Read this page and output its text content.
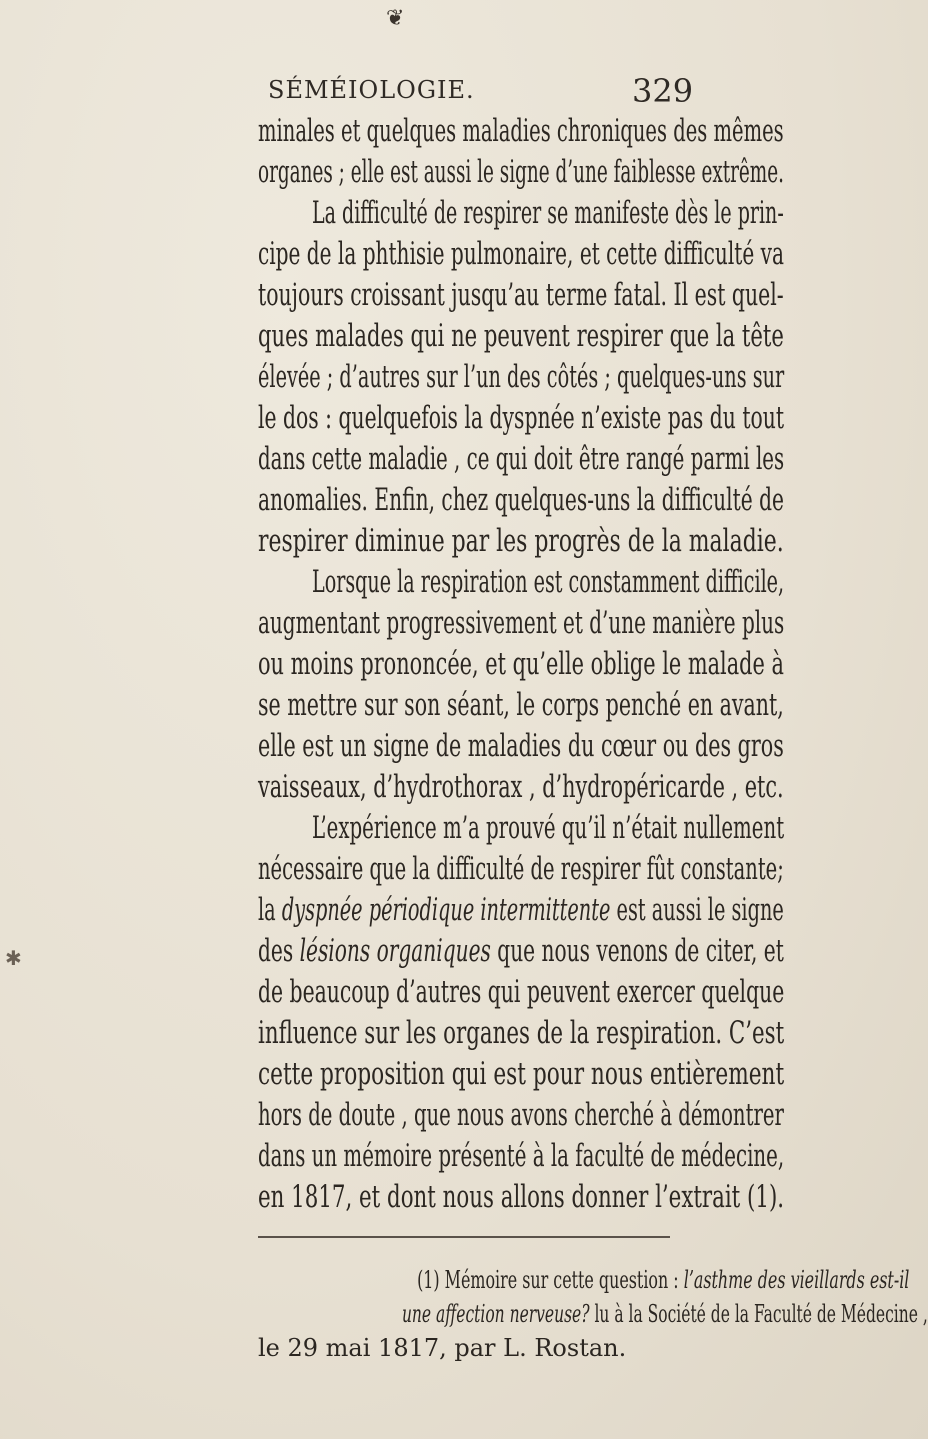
❦
SÉMÉIOLOGIE.	329
✱
minales et quelques maladies chroniques des mêmes
organes ; elle est aussi le signe d’une faiblesse extrême.
La difficulté de respirer se manifeste dès le prin-
cipe de la phthisie pulmonaire, et cette difficulté va
toujours croissant jusqu’au terme fatal. Il est quel-
ques malades qui ne peuvent respirer que la tête
élevée ; d’autres sur l’un des côtés ; quelques-uns sur
le dos : quelquefois la dyspnée n’existe pas du tout
dans cette maladie , ce qui doit être rangé parmi les
anomalies. Enfin, chez quelques-uns la difficulté de
respirer diminue par les progrès de la maladie.
Lorsque la respiration est constamment difficile,
augmentant progressivement et d’une manière plus
ou moins prononcée, et qu’elle oblige le malade à
se mettre sur son séant, le corps penché en avant,
elle est un signe de maladies du cœur ou des gros
vaisseaux, d’hydrothorax , d’hydropéricarde , etc.
L’expérience m’a prouvé qu’il n’était nullement
nécessaire que la difficulté de respirer fût constante;
la dyspnée périodique intermittente est aussi le signe
des lésions organiques que nous venons de citer, et
de beaucoup d’autres qui peuvent exercer quelque
influence sur les organes de la respiration. C’est
cette proposition qui est pour nous entièrement
hors de doute , que nous avons cherché à démontrer
dans un mémoire présenté à la faculté de médecine,
en 1817, et dont nous allons donner l’extrait (1).
(1) Mémoire sur cette question : l’asthme des vieillards est-il
une affection nerveuse? lu à la Société de la Faculté de Médecine ,
le 29 mai 1817, par L. Rostan.
